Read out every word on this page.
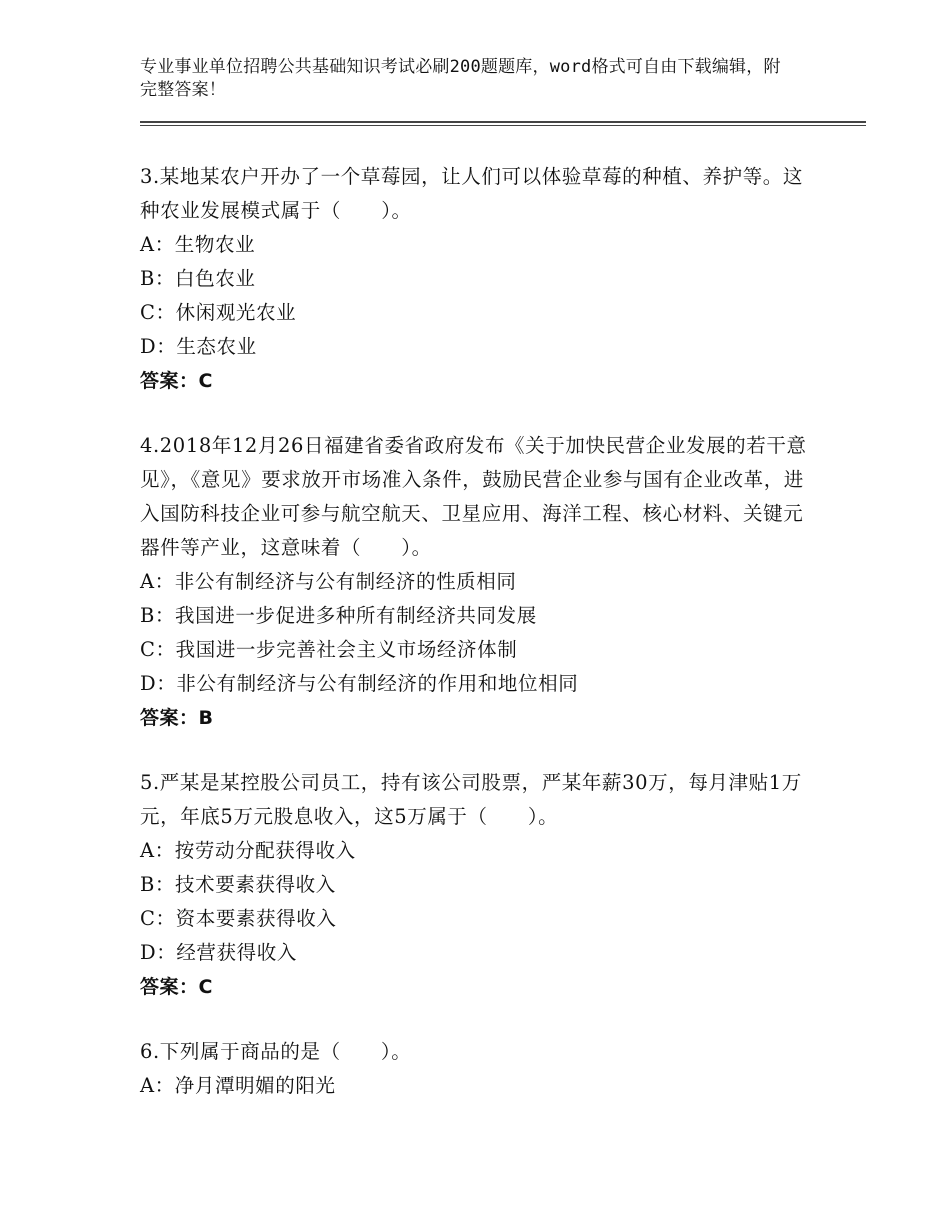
专业事业单位招聘公共基础知识考试必刷200题题库，word格式可自由下载编辑，附完整答案！
3.某地某农户开办了一个草莓园，让人们可以体验草莓的种植、养护等。这种农业发展模式属于（　　）。
A：生物农业
B：白色农业
C：休闲观光农业
D：生态农业
答案：C
4.2018年12月26日福建省委省政府发布《关于加快民营企业发展的若干意见》，《意见》要求放开市场准入条件，鼓励民营企业参与国有企业改革，进入国防科技企业可参与航空航天、卫星应用、海洋工程、核心材料、关键元器件等产业，这意味着（　　）。
A：非公有制经济与公有制经济的性质相同
B：我国进一步促进多种所有制经济共同发展
C：我国进一步完善社会主义市场经济体制
D：非公有制经济与公有制经济的作用和地位相同
答案：B
5.严某是某控股公司员工，持有该公司股票，严某年薪30万，每月津贴1万元，年底5万元股息收入，这5万属于（　　）。
A：按劳动分配获得收入
B：技术要素获得收入
C：资本要素获得收入
D：经营获得收入
答案：C
6.下列属于商品的是（　　）。
A：净月潭明媚的阳光
